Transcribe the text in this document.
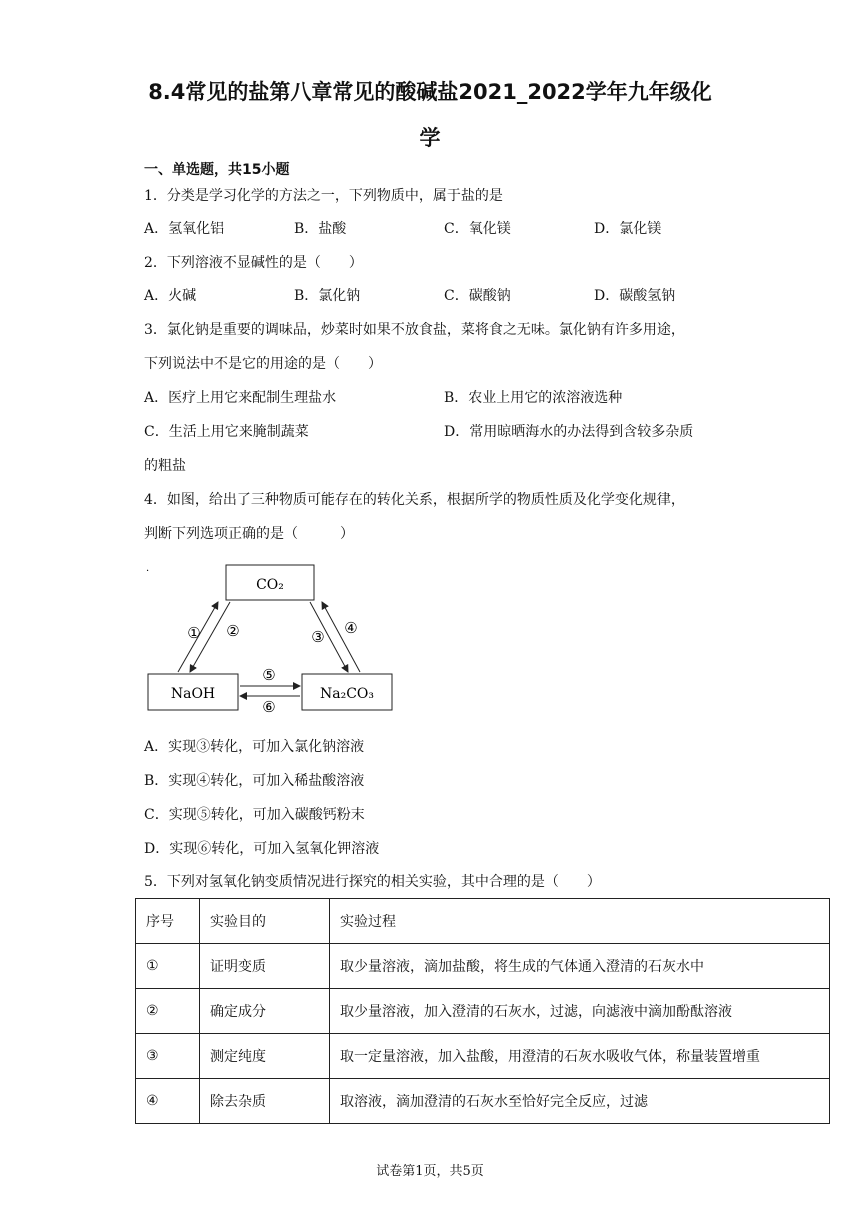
8.4常见的盐第八章常见的酸碱盐2021_2022学年九年级化
学
一、单选题，共15小题
1．分类是学习化学的方法之一，下列物质中，属于盐的是
A．氢氧化铝	B．盐酸	C．氧化镁	D．氯化镁
2．下列溶液不显碱性的是（　　）
A．火碱	B．氯化钠	C．碳酸钠	D．碳酸氢钠
3．氯化钠是重要的调味品，炒菜时如果不放食盐，菜将食之无味。氯化钠有许多用途，
下列说法中不是它的用途的是（　　）
A．医疗上用它来配制生理盐水	B．农业上用它的浓溶液选种
C．生活上用它来腌制蔬菜	D．常用晾晒海水的办法得到含较多杂质
的粗盐
4．如图，给出了三种物质可能存在的转化关系，根据所学的物质性质及化学变化规律，
判断下列选项正确的是（　　　）
·
CO₂
NaOH	Na₂CO₃
① ②	③ ④
⑤
⑥
A．实现③转化，可加入氯化钠溶液
B．实现④转化，可加入稀盐酸溶液
C．实现⑤转化，可加入碳酸钙粉末
D．实现⑥转化，可加入氢氧化钾溶液
5．下列对氢氧化钠变质情况进行探究的相关实验，其中合理的是（　　）
序号	实验目的	实验过程
①	证明变质	取少量溶液，滴加盐酸，将生成的气体通入澄清的石灰水中
②	确定成分	取少量溶液，加入澄清的石灰水，过滤，向滤液中滴加酚酞溶液
③	测定纯度	取一定量溶液，加入盐酸，用澄清的石灰水吸收气体，称量装置增重
④	除去杂质	取溶液，滴加澄清的石灰水至恰好完全反应，过滤
试卷第1页，共5页
